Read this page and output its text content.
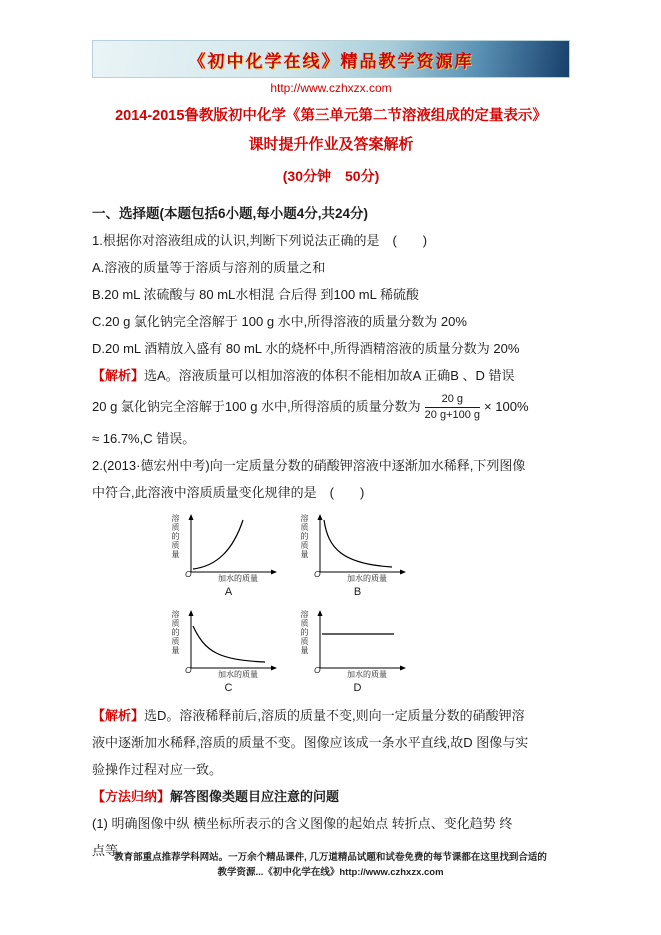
《初中化学在线》精品教学资源库
http://www.czhxzx.com
2014-2015鲁教版初中化学《第三单元第二节溶液组成的定量表示》
课时提升作业及答案解析
(30分钟　50分)

一、选择题(本题包括6小题,每小题4分,共24分)

1.根据你对溶液组成的认识,判断下列说法正确的是　(　　)

A.溶液的质量等于溶质与溶剂的质量之和

B.20 mL 浓硫酸与 80 mL水相混 合后得 到100 mL 稀硫酸

C.20 g 氯化钠完全溶解于 100 g 水中,所得溶液的质量分数为 20%

D.20 mL 酒精放入盛有 80 mL 水的烧杯中,所得酒精溶液的质量分数为 20%

【解析】选A。溶液质量可以相加溶液的体积不能相加故A 正确B 、D 错误

20 g 氯化钠完全溶解于100 g 水中,所得溶质的质量分数为 $\frac{20 g}{20 g+100 g} \times 100\%$

≈ 16.7%,C 错误。

2.(2013·德宏州中考)向一定质量分数的硝酸钾溶液中逐渐加水稀释,下列图像

中符合,此溶液中溶质质量变化规律的是　(　　)

溶质的质量
O	加水的质量
A
溶质的质量
O	加水的质量
B
溶质的质量
O	加水的质量
C
溶质的质量
O	加水的质量
D

【解析】选D。溶液稀释前后,溶质的质量不变,则向一定质量分数的硝酸钾溶

液中逐渐加水稀释,溶质的质量不变。图像应该成一条水平直线,故D 图像与实

验操作过程对应一致。

【方法归纳】解答图像类题目应注意的问题

(1) 明确图像中纵 横坐标所表示的含义图像的起始点 转折点、变化趋势 终

点等。

教育部重点推荐学科网站。一万余个精品课件, 几万道精品试题和试卷免费的每节课都在这里找到合适的
教学资源...《初中化学在线》http://www.czhxzx.com
